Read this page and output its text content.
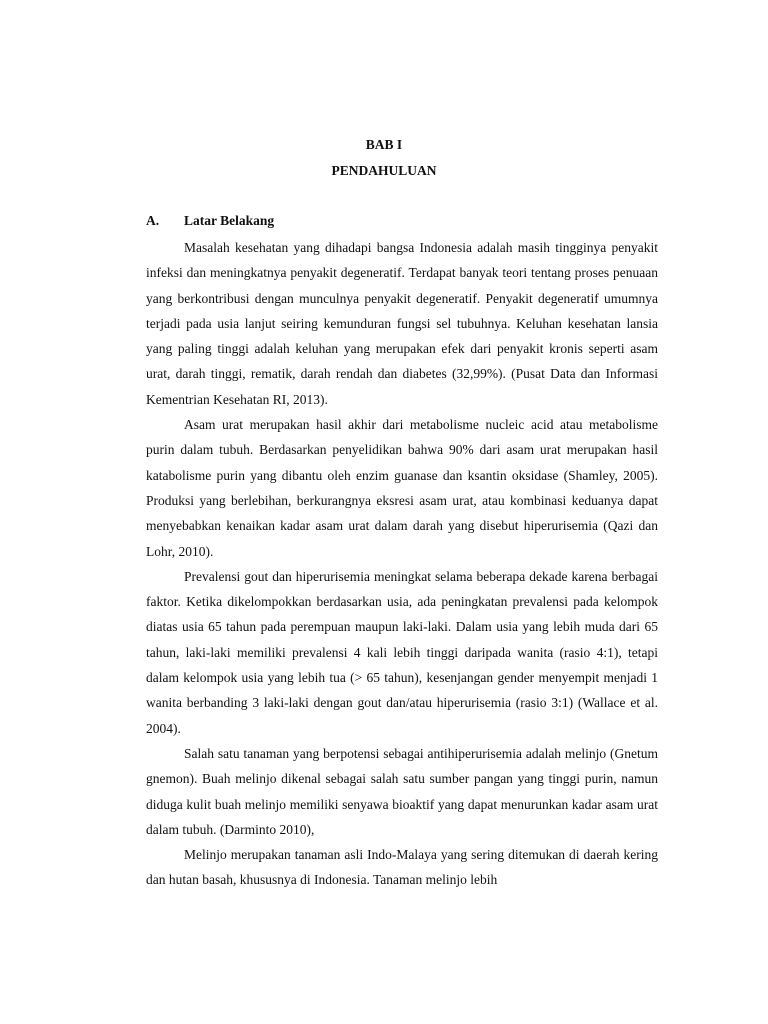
BAB I
PENDAHULUAN
A. Latar Belakang

Masalah kesehatan yang dihadapi bangsa Indonesia adalah masih tingginya penyakit infeksi dan meningkatnya penyakit degeneratif. Terdapat banyak teori tentang proses penuaan yang berkontribusi dengan munculnya penyakit degeneratif. Penyakit degeneratif umumnya terjadi pada usia lanjut seiring kemunduran fungsi sel tubuhnya. Keluhan kesehatan lansia yang paling tinggi adalah keluhan yang merupakan efek dari penyakit kronis seperti asam urat, darah tinggi, rematik, darah rendah dan diabetes (32,99%). (Pusat Data dan Informasi Kementrian Kesehatan RI, 2013).

Asam urat merupakan hasil akhir dari metabolisme nucleic acid atau metabolisme purin dalam tubuh. Berdasarkan penyelidikan bahwa 90% dari asam urat merupakan hasil katabolisme purin yang dibantu oleh enzim guanase dan ksantin oksidase (Shamley, 2005). Produksi yang berlebihan, berkurangnya eksresi asam urat, atau kombinasi keduanya dapat menyebabkan kenaikan kadar asam urat dalam darah yang disebut hiperurisemia (Qazi dan Lohr, 2010).

Prevalensi gout dan hiperurisemia meningkat selama beberapa dekade karena berbagai faktor. Ketika dikelompokkan berdasarkan usia, ada peningkatan prevalensi pada kelompok diatas usia 65 tahun pada perempuan maupun laki-laki. Dalam usia yang lebih muda dari 65 tahun, laki-laki memiliki prevalensi 4 kali lebih tinggi daripada wanita (rasio 4:1), tetapi dalam kelompok usia yang lebih tua (> 65 tahun), kesenjangan gender menyempit menjadi 1 wanita berbanding 3 laki-laki dengan gout dan/atau hiperurisemia (rasio 3:1) (Wallace et al. 2004).

Salah satu tanaman yang berpotensi sebagai antihiperurisemia adalah melinjo (Gnetum gnemon). Buah melinjo dikenal sebagai salah satu sumber pangan yang tinggi purin, namun diduga kulit buah melinjo memiliki senyawa bioaktif yang dapat menurunkan kadar asam urat dalam tubuh. (Darminto 2010),

Melinjo merupakan tanaman asli Indo-Malaya yang sering ditemukan di daerah kering dan hutan basah, khususnya di Indonesia. Tanaman melinjo lebih
